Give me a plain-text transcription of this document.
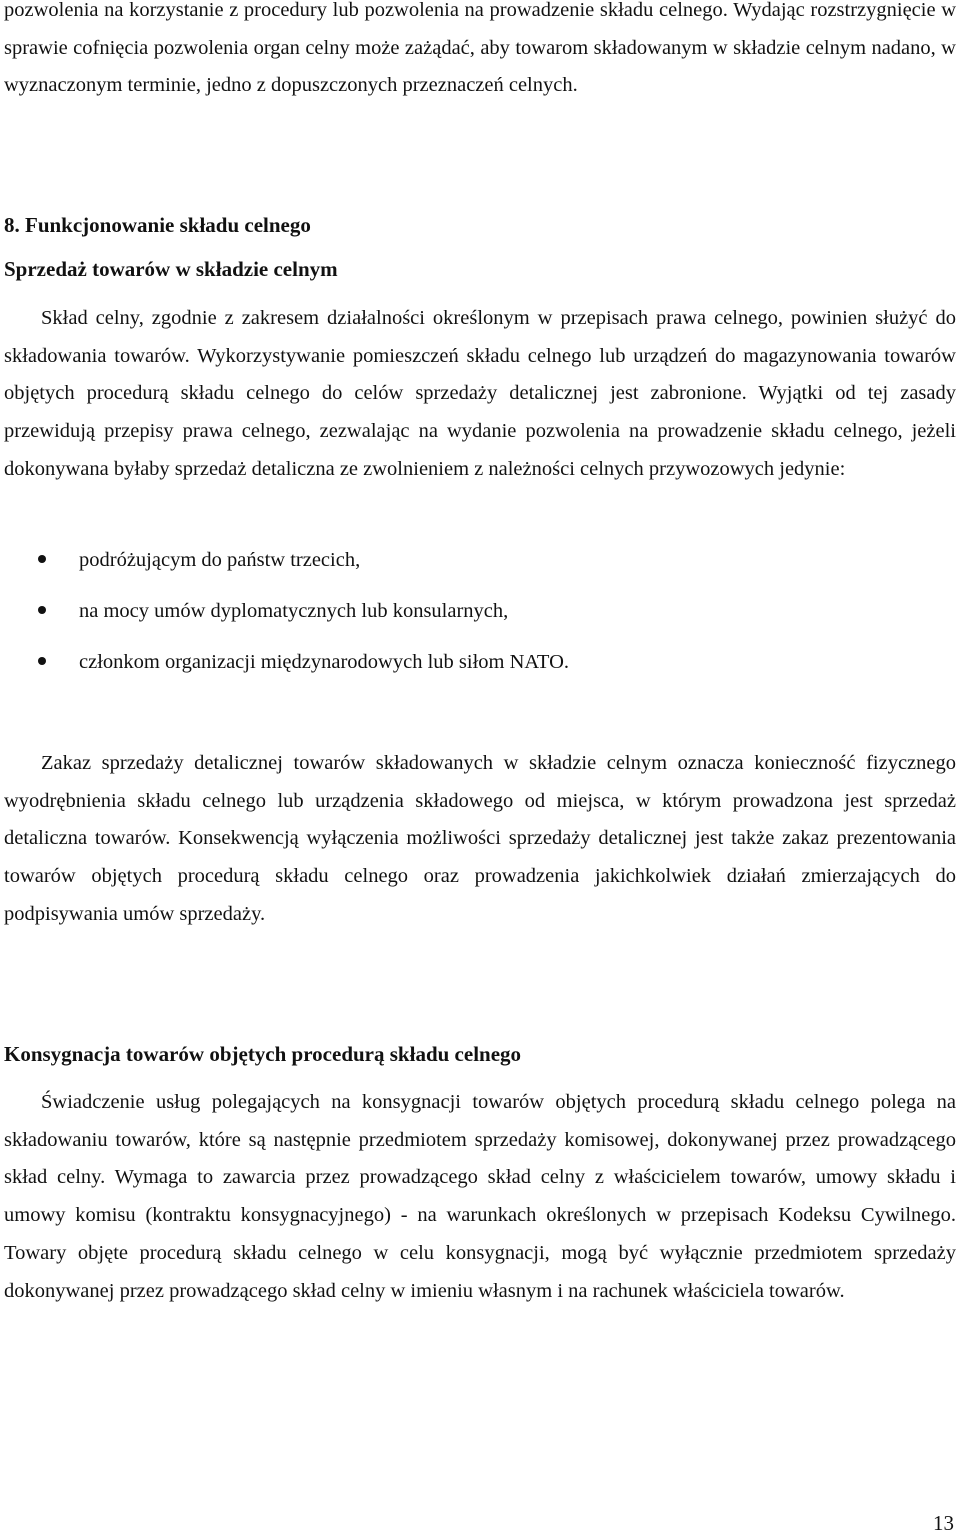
pozwolenia na korzystanie z procedury lub pozwolenia na prowadzenie składu celnego. Wydając rozstrzygnięcie w sprawie cofnięcia pozwolenia organ celny może zażądać, aby towarom składowanym w składzie celnym nadano, w wyznaczonym terminie, jedno z dopuszczonych przeznaczeń celnych.

8. Funkcjonowanie składu celnego
Sprzedaż towarów w składzie celnym

Skład celny, zgodnie z zakresem działalności określonym w przepisach prawa celnego, powinien służyć do składowania towarów. Wykorzystywanie pomieszczeń składu celnego lub urządzeń do magazynowania towarów objętych procedurą składu celnego do celów sprzedaży detalicznej jest zabronione. Wyjątki od tej zasady przewidują przepisy prawa celnego, zezwalając na wydanie pozwolenia na prowadzenie składu celnego, jeżeli dokonywana byłaby sprzedaż detaliczna ze zwolnieniem z należności celnych przywozowych jedynie:

podróżującym do państw trzecich,
na mocy umów dyplomatycznych lub konsularnych,
członkom organizacji międzynarodowych lub siłom NATO.

Zakaz sprzedaży detalicznej towarów składowanych w składzie celnym oznacza konieczność fizycznego wyodrębnienia składu celnego lub urządzenia składowego od miejsca, w którym prowadzona jest sprzedaż detaliczna towarów. Konsekwencją wyłączenia możliwości sprzedaży detalicznej jest także zakaz prezentowania towarów objętych procedurą składu celnego oraz prowadzenia jakichkolwiek działań zmierzających do podpisywania umów sprzedaży.

Konsygnacja towarów objętych procedurą składu celnego

Świadczenie usług polegających na konsygnacji towarów objętych procedurą składu celnego polega na składowaniu towarów, które są następnie przedmiotem sprzedaży komisowej, dokonywanej przez prowadzącego skład celny. Wymaga to zawarcia przez prowadzącego skład celny z właścicielem towarów, umowy składu i umowy komisu (kontraktu konsygnacyjnego) - na warunkach określonych w przepisach Kodeksu Cywilnego. Towary objęte procedurą składu celnego w celu konsygnacji, mogą być wyłącznie przedmiotem sprzedaży dokonywanej przez prowadzącego skład celny w imieniu własnym i na rachunek właściciela towarów.

13
